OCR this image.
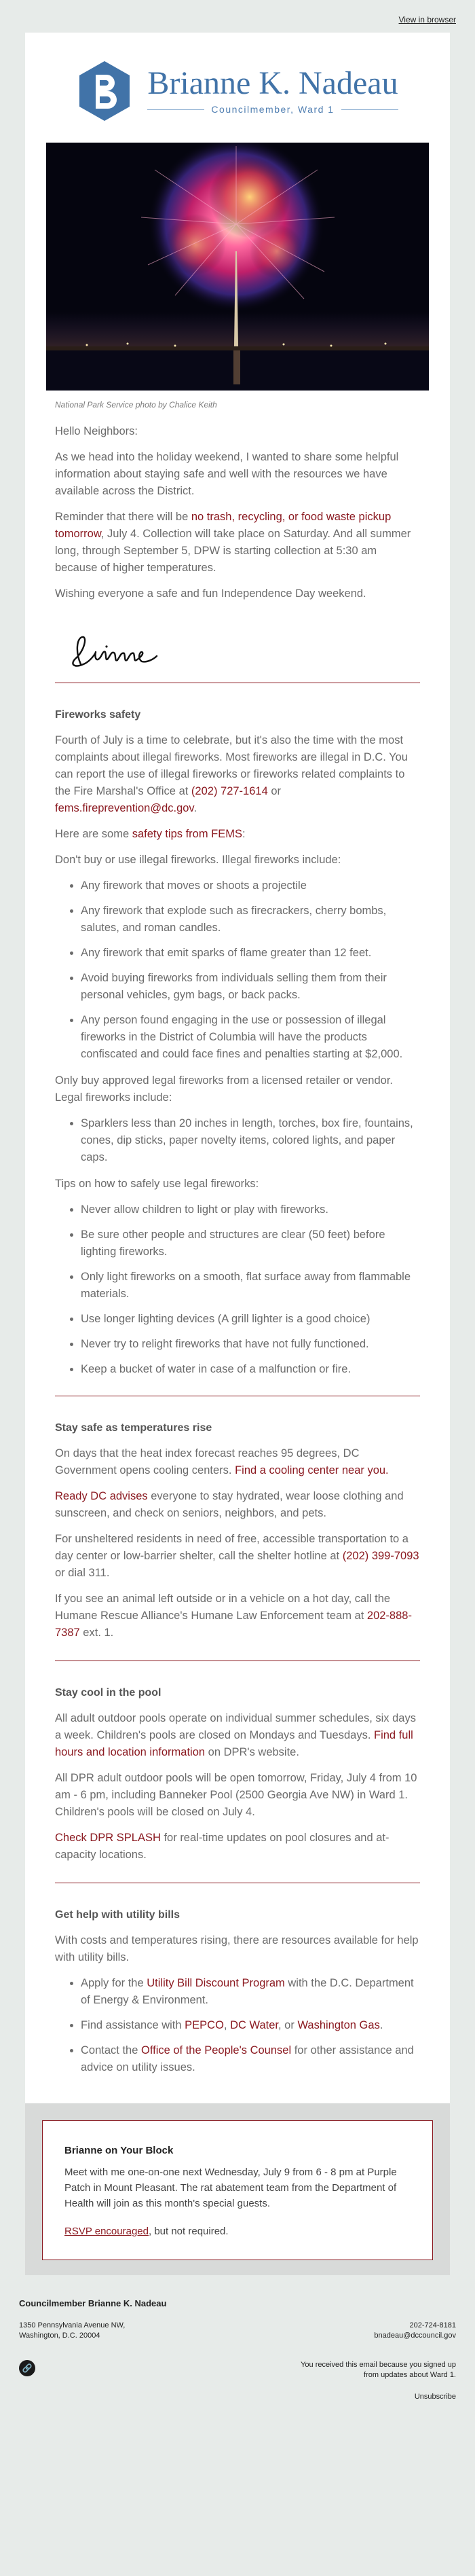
View in browser
Brianne K. Nadeau
Councilmember, Ward 1
National Park Service photo by Chalice Keith

Hello Neighbors:

As we head into the holiday weekend, I wanted to share some helpful information about staying safe and well with the resources we have available across the District.

Reminder that there will be no trash, recycling, or food waste pickup tomorrow, July 4. Collection will take place on Saturday. And all summer long, through September 5, DPW is starting collection at 5:30 am because of higher temperatures.

Wishing everyone a safe and fun Independence Day weekend.

Fireworks safety

Fourth of July is a time to celebrate, but it's also the time with the most complaints about illegal fireworks. Most fireworks are illegal in D.C. You can report the use of illegal fireworks or fireworks related complaints to the Fire Marshal's Office at (202) 727-1614 or fems.fireprevention@dc.gov.

Here are some safety tips from FEMS:

Don't buy or use illegal fireworks. Illegal fireworks include:

• Any firework that moves or shoots a projectile
• Any firework that explode such as firecrackers, cherry bombs, salutes, and roman candles.
• Any firework that emit sparks of flame greater than 12 feet.
• Avoid buying fireworks from individuals selling them from their personal vehicles, gym bags, or back packs.
• Any person found engaging in the use or possession of illegal fireworks in the District of Columbia will have the products confiscated and could face fines and penalties starting at $2,000.

Only buy approved legal fireworks from a licensed retailer or vendor. Legal fireworks include:

• Sparklers less than 20 inches in length, torches, box fire, fountains, cones, dip sticks, paper novelty items, colored lights, and paper caps.

Tips on how to safely use legal fireworks:

• Never allow children to light or play with fireworks.
• Be sure other people and structures are clear (50 feet) before lighting fireworks.
• Only light fireworks on a smooth, flat surface away from flammable materials.
• Use longer lighting devices (A grill lighter is a good choice)
• Never try to relight fireworks that have not fully functioned.
• Keep a bucket of water in case of a malfunction or fire.
Stay safe as temperatures rise

On days that the heat index forecast reaches 95 degrees, DC Government opens cooling centers. Find a cooling center near you.

Ready DC advises everyone to stay hydrated, wear loose clothing and sunscreen, and check on seniors, neighbors, and pets.

For unsheltered residents in need of free, accessible transportation to a day center or low-barrier shelter, call the shelter hotline at (202) 399-7093 or dial 311.

If you see an animal left outside or in a vehicle on a hot day, call the Humane Rescue Alliance's Humane Law Enforcement team at 202-888-7387 ext. 1.

Stay cool in the pool

All adult outdoor pools operate on individual summer schedules, six days a week. Children's pools are closed on Mondays and Tuesdays. Find full hours and location information on DPR's website.

All DPR adult outdoor pools will be open tomorrow, Friday, July 4 from 10 am - 6 pm, including Banneker Pool (2500 Georgia Ave NW) in Ward 1. Children's pools will be closed on July 4.

Check DPR SPLASH for real-time updates on pool closures and at-capacity locations.

Get help with utility bills

With costs and temperatures rising, there are resources available for help with utility bills.

• Apply for the Utility Bill Discount Program with the D.C. Department of Energy & Environment.
• Find assistance with PEPCO, DC Water, or Washington Gas.
• Contact the Office of the People's Counsel for other assistance and advice on utility issues.
Brianne on Your Block

Meet with me one-on-one next Wednesday, July 9 from 6 - 8 pm at Purple Patch in Mount Pleasant. The rat abatement team from the Department of Health will join as this month's special guests.

RSVP encouraged, but not required.

Councilmember Brianne K. Nadeau
1350 Pennsylvania Avenue NW,
Washington, D.C. 20004
202-724-8181
bnadeau@dccouncil.gov
🔗	You received this email because you signed up
from updates about Ward 1.
Unsubscribe
